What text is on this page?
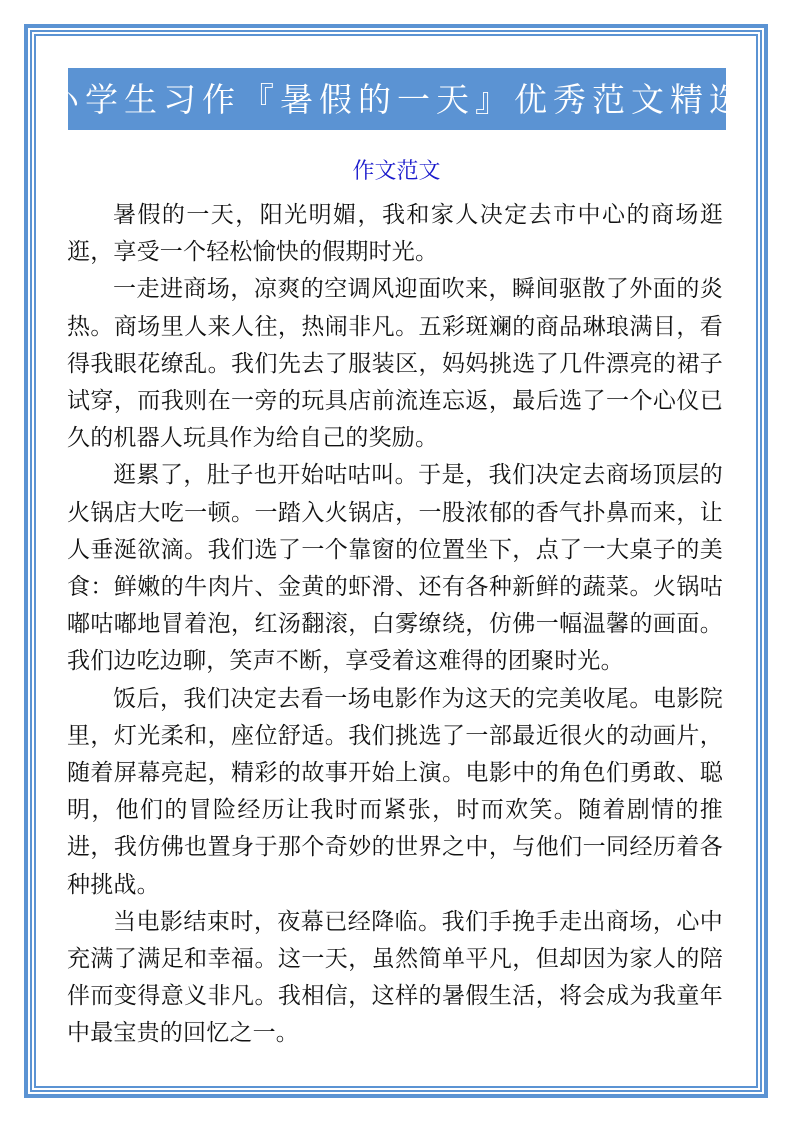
小学生习作『暑假的一天』优秀范文精选
作文范文

暑假的一天，阳光明媚，我和家人决定去市中心的商场逛逛，享受一个轻松愉快的假期时光。

一走进商场，凉爽的空调风迎面吹来，瞬间驱散了外面的炎热。商场里人来人往，热闹非凡。五彩斑斓的商品琳琅满目，看得我眼花缭乱。我们先去了服装区，妈妈挑选了几件漂亮的裙子试穿，而我则在一旁的玩具店前流连忘返，最后选了一个心仪已久的机器人玩具作为给自己的奖励。

逛累了，肚子也开始咕咕叫。于是，我们决定去商场顶层的火锅店大吃一顿。一踏入火锅店，一股浓郁的香气扑鼻而来，让人垂涎欲滴。我们选了一个靠窗的位置坐下，点了一大桌子的美食：鲜嫩的牛肉片、金黄的虾滑、还有各种新鲜的蔬菜。火锅咕嘟咕嘟地冒着泡，红汤翻滚，白雾缭绕，仿佛一幅温馨的画面。我们边吃边聊，笑声不断，享受着这难得的团聚时光。

饭后，我们决定去看一场电影作为这天的完美收尾。电影院里，灯光柔和，座位舒适。我们挑选了一部最近很火的动画片，随着屏幕亮起，精彩的故事开始上演。电影中的角色们勇敢、聪明，他们的冒险经历让我时而紧张，时而欢笑。随着剧情的推进，我仿佛也置身于那个奇妙的世界之中，与他们一同经历着各种挑战。

当电影结束时，夜幕已经降临。我们手挽手走出商场，心中充满了满足和幸福。这一天，虽然简单平凡，但却因为家人的陪伴而变得意义非凡。我相信，这样的暑假生活，将会成为我童年中最宝贵的回忆之一。
